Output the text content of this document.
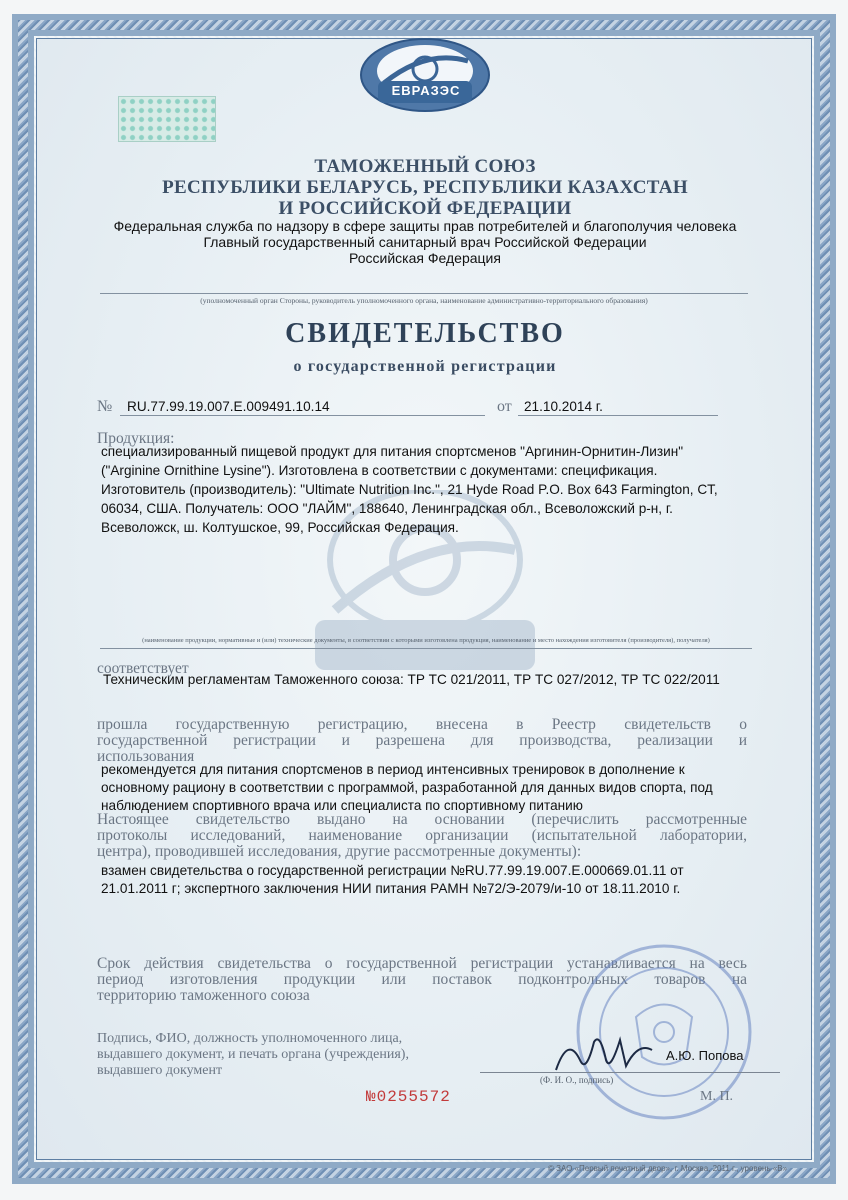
ЕВРАЗЭС
ТАМОЖЕННЫЙ СОЮЗ
РЕСПУБЛИКИ БЕЛАРУСЬ, РЕСПУБЛИКИ КАЗАХСТАН
И РОССИЙСКОЙ ФЕДЕРАЦИИ
Федеральная служба по надзору в сфере защиты прав потребителей и благополучия человека
Главный государственный санитарный врач Российской Федерации
Российская Федерация
(уполномоченный орган Стороны, руководитель уполномоченного органа, наименование административно-территориального образования)
СВИДЕТЕЛЬСТВО
о государственной регистрации
№ RU.77.99.19.007.E.009491.10.14	от 21.10.2014 г.
Продукция:
специализированный пищевой продукт для питания спортсменов "Аргинин-Орнитин-Лизин"
("Arginine Ornithine Lysine"). Изготовлена в соответствии с документами: спецификация.
Изготовитель (производитель): "Ultimate Nutrition Inc.", 21 Hyde Road P.O. Box 643 Farmington, CT,
06034, США. Получатель: ООО "ЛАЙМ", 188640, Ленинградская обл., Всеволожский р-н, г.
Всеволожск, ш. Колтушское, 99, Российская Федерация.
(наименование продукции, нормативные и (или) технические документы, в соответствии с которыми изготовлена продукция, наименование и место нахождения изготовителя (производителя), получателя)
соответствует
Техническим регламентам Таможенного союза: ТР ТС 021/2011, ТР ТС 027/2012, ТР ТС 022/2011
прошла государственную регистрацию, внесена в Реестр свидетельств о
государственной регистрации и разрешена для производства, реализации и
использования
рекомендуется для питания спортсменов в период интенсивных тренировок в дополнение к
основному рациону в соответствии с программой, разработанной для данных видов спорта, под
наблюдением спортивного врача или специалиста по спортивному питанию
Настоящее свидетельство выдано на основании (перечислить рассмотренные
протоколы исследований, наименование организации (испытательной лаборатории,
центра), проводившей исследования, другие рассмотренные документы):
взамен свидетельства о государственной регистрации №RU.77.99.19.007.Е.000669.01.11 от
21.01.2011 г; экспертного заключения НИИ питания РАМН №72/Э-2079/и-10 от 18.11.2010 г.
Срок действия свидетельства о государственной регистрации устанавливается на весь
период изготовления продукции или поставок подконтрольных товаров на
территорию таможенного союза
Подпись, ФИО, должность уполномоченного лица,
выдавшего документ, и печать органа (учреждения),
выдавшего документ
А.Ю. Попова
(Ф. И. О., подпись)
М. П.
№0255572
© ЗАО «Первый печатный двор», г. Москва, 2011 г., уровень «В»
